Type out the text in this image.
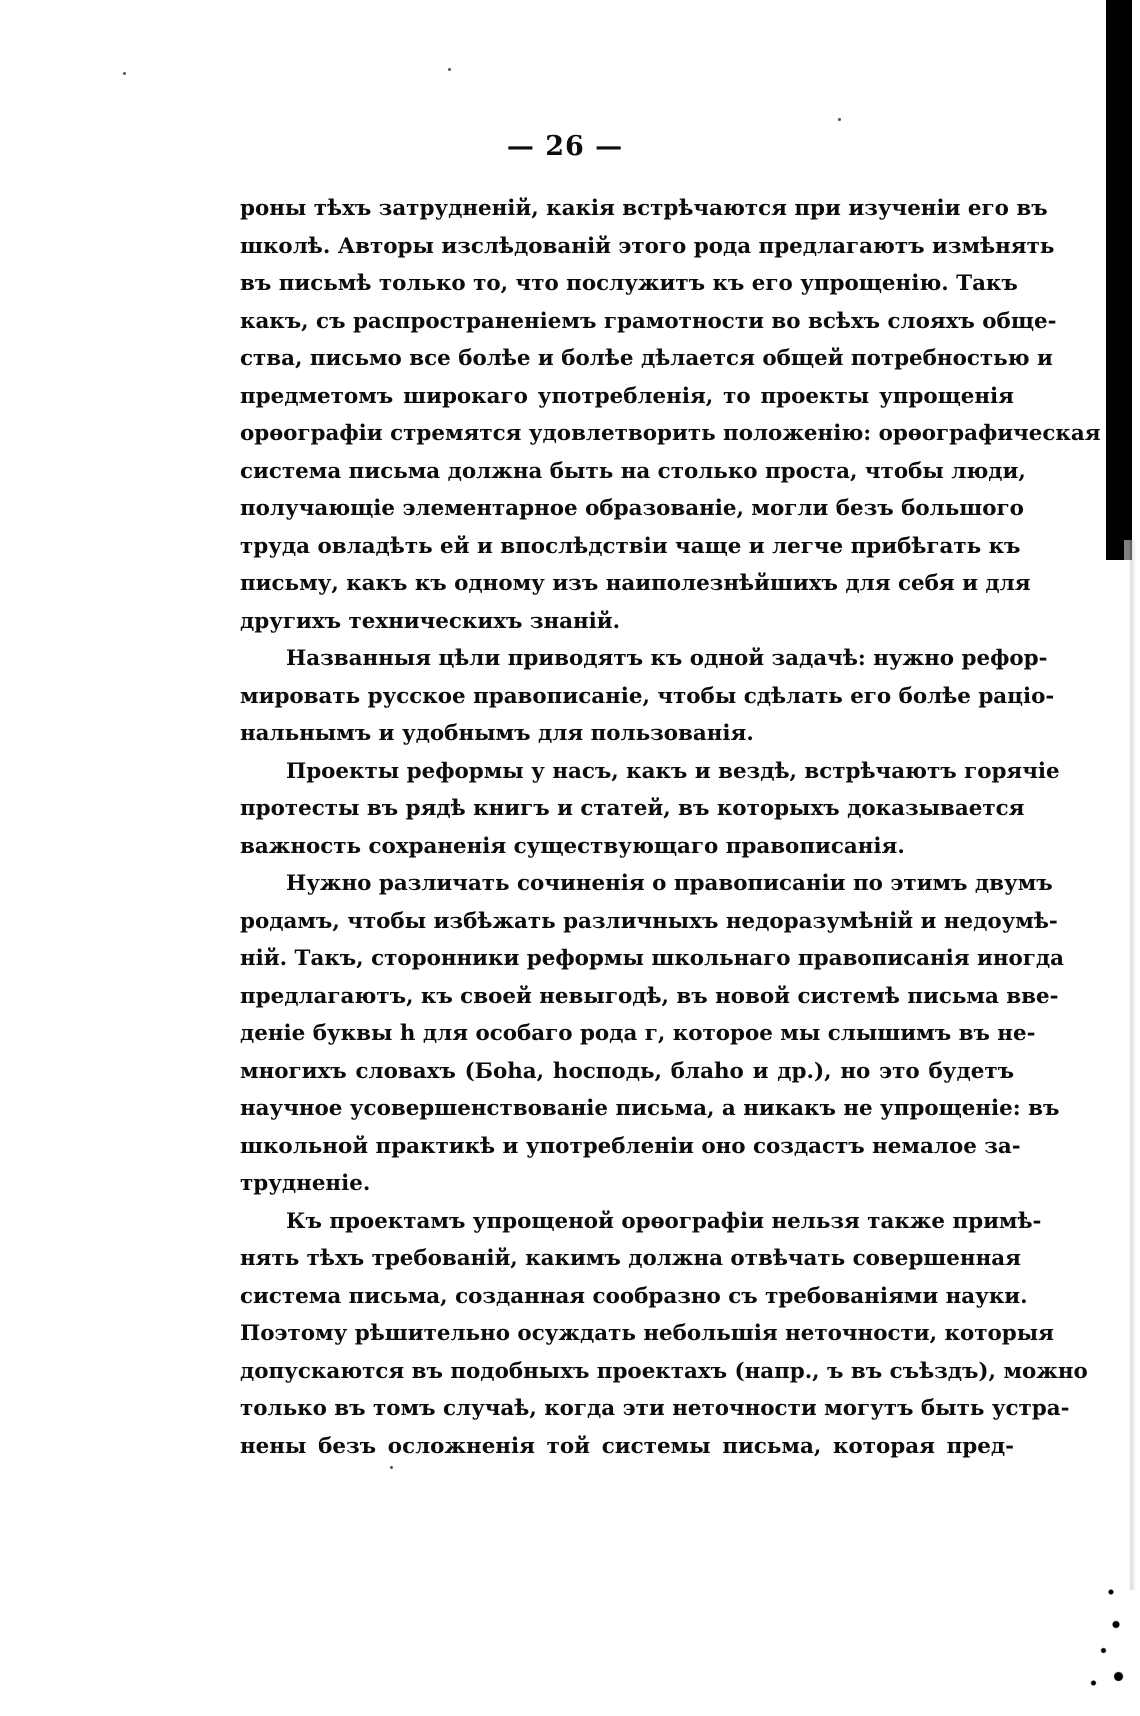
— 26 —
роны тѣхъ затрудненій, какія встрѣчаются при изученіи его въ
школѣ. Авторы изслѣдованій этого рода предлагаютъ измѣнять
въ письмѣ только то, что послужитъ къ его упрощенію. Такъ
какъ, съ распространеніемъ грамотности во всѣхъ слояхъ обще-
ства, письмо все болѣе и болѣе дѣлается общей потребностью и
предметомъ широкаго употребленія, то проекты упрощенія
орѳографіи стремятся удовлетворить положенію: орѳографическая
система письма должна быть на столько проста, чтобы люди,
получающіе элементарное образованіе, могли безъ большого
труда овладѣть ей и впослѣдствіи чаще и легче прибѣгать къ
письму, какъ къ одному изъ наиполезнѣйшихъ для себя и для
другихъ техническихъ знаній.
Названныя цѣли приводятъ къ одной задачѣ: нужно рефор-
мировать русское правописаніе, чтобы сдѣлать его болѣе раціо-
нальнымъ и удобнымъ для пользованія.
Проекты реформы у насъ, какъ и вездѣ, встрѣчаютъ горячіе
протесты въ рядѣ книгъ и статей, въ которыхъ доказывается
важность сохраненія существующаго правописанія.
Нужно различать сочиненія о правописаніи по этимъ двумъ
родамъ, чтобы избѣжать различныхъ недоразумѣній и недоумѣ-
ній. Такъ, сторонники реформы школьнаго правописанія иногда
предлагаютъ, къ своей невыгодѣ, въ новой системѣ письма вве-
деніе буквы h для особаго рода г, которое мы слышимъ въ не-
многихъ словахъ (Боhа, hосподь, блаhо и др.), но это будетъ
научное усовершенствованіе письма, а никакъ не упрощеніе: въ
школьной практикѣ и употребленіи оно создастъ немалое за-
трудненіе.
Къ проектамъ упрощеной орѳографіи нельзя также примѣ-
нять тѣхъ требованій, какимъ должна отвѣчать совершенная
система письма, созданная сообразно съ требованіями науки.
Поэтому рѣшительно осуждать небольшія неточности, которыя
допускаются въ подобныхъ проектахъ (напр., ъ въ съѣздъ), можно
только въ томъ случаѣ, когда эти неточности могутъ быть устра-
нены безъ осложненія той системы письма, которая пред-
